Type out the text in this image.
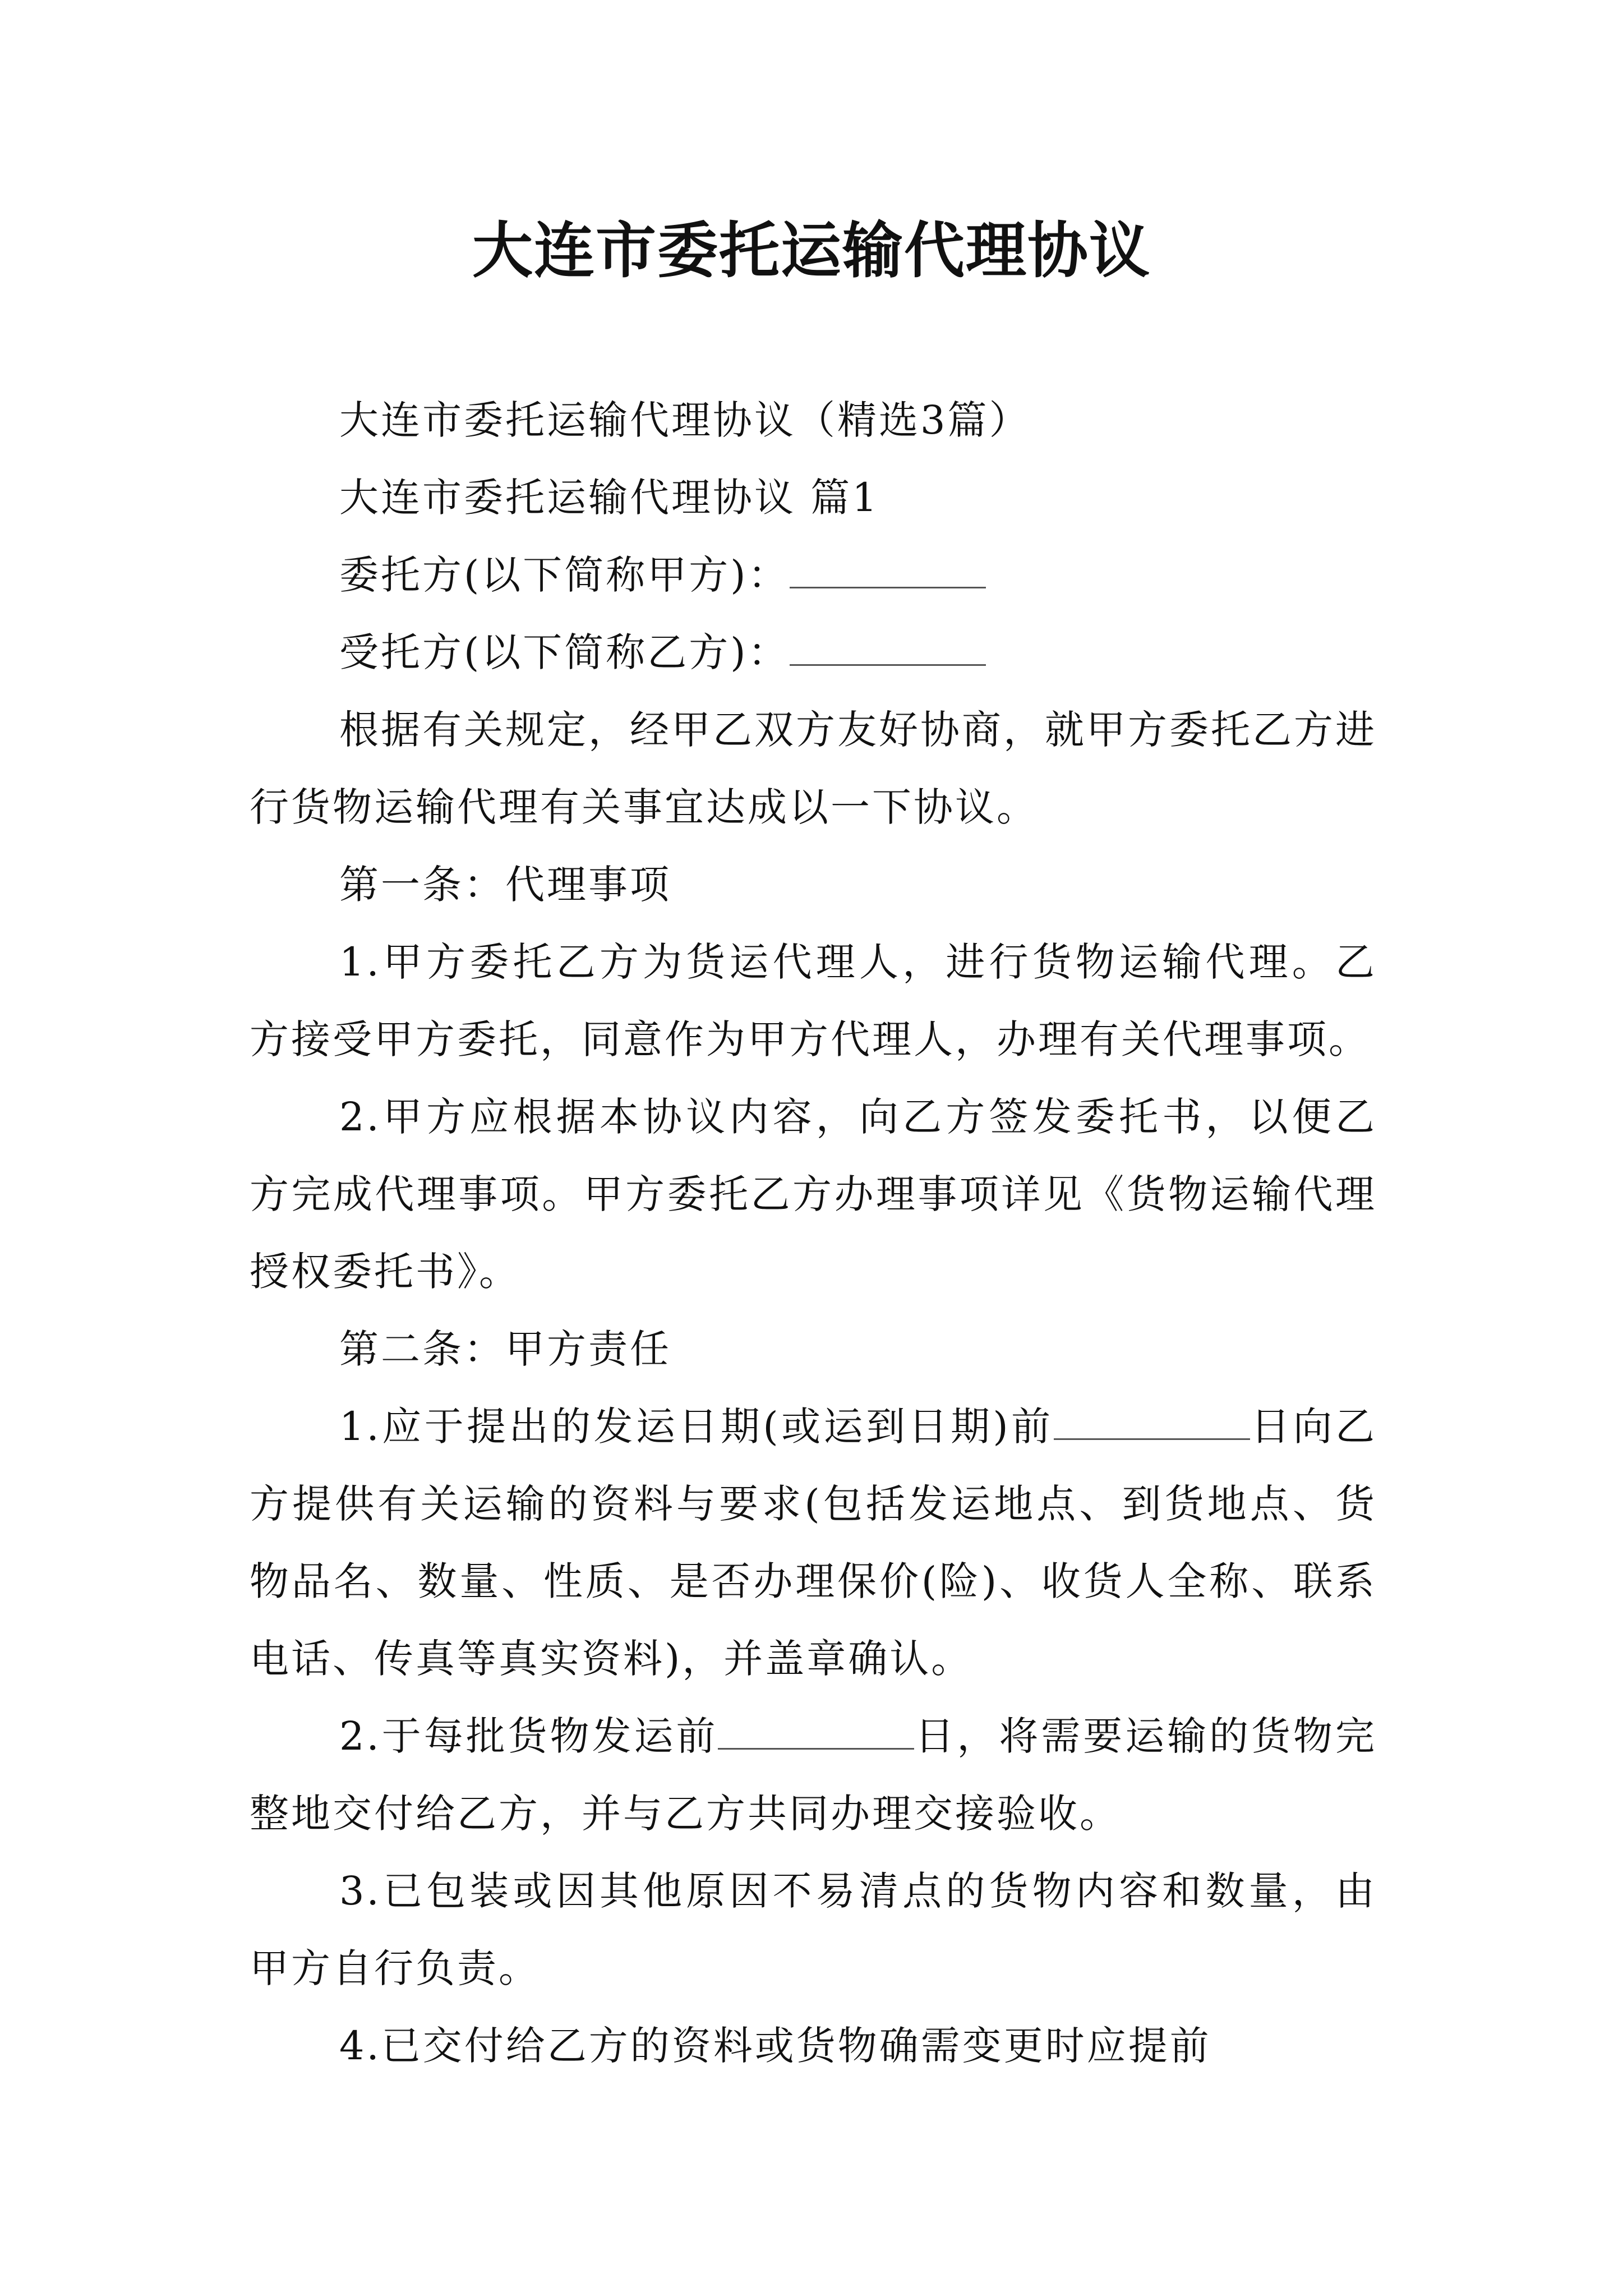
大连市委托运输代理协议

大连市委托运输代理协议（精选3篇）

大连市委托运输代理协议 篇1

委托方(以下简称甲方)：

受托方(以下简称乙方)：

根据有关规定，经甲乙双方友好协商，就甲方委托乙方进行货物运输代理有关事宜达成以一下协议。

第一条：代理事项

1.甲方委托乙方为货运代理人，进行货物运输代理。乙方接受甲方委托，同意作为甲方代理人，办理有关代理事项。

2.甲方应根据本协议内容，向乙方签发委托书，以便乙方完成代理事项。甲方委托乙方办理事项详见《货物运输代理授权委托书》。

第二条：甲方责任

1.应于提出的发运日期(或运到日期)前	日向乙方提供有关运输的资料与要求(包括发运地点、到货地点、货物品名、数量、性质、是否办理保价(险)、收货人全称、联系电话、传真等真实资料)，并盖章确认。

2.于每批货物发运前	日，将需要运输的货物完整地交付给乙方，并与乙方共同办理交接验收。

3.已包装或因其他原因不易清点的货物内容和数量，由甲方自行负责。

4.已交付给乙方的资料或货物确需变更时应提前
